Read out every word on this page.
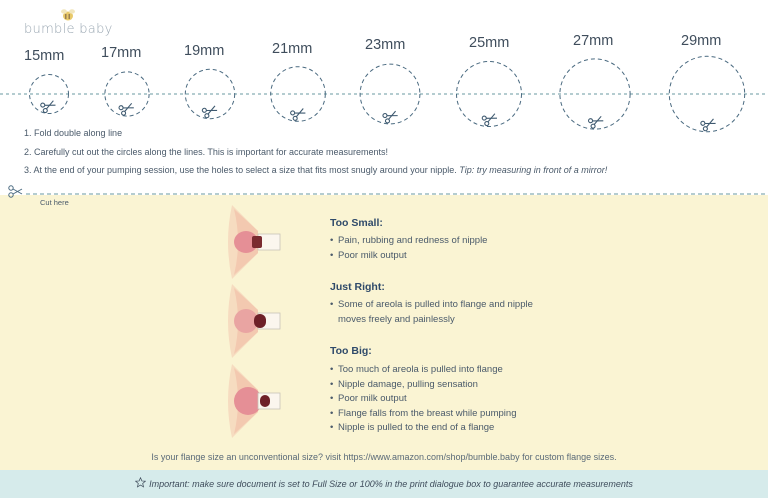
bumble baby
15mm	17mm	19mm	21mm	23mm	25mm	27mm	29mm
1. Fold double along line
2. Carefully cut out the circles along the lines. This is important for accurate measurements!
3. At the end of your pumping session, use the holes to select a size that fits most snugly around your nipple. Tip: try measuring in front of a mirror!
Cut here
Too Small:
• Pain, rubbing and redness of nipple
• Poor milk output
Just Right:
• Some of areola is pulled into flange and nipple
moves freely and painlessly
Too Big:
• Too much of areola is pulled into flange
• Nipple damage, pulling sensation
• Poor milk output
• Flange falls from the breast while pumping
• Nipple is pulled to the end of a flange
Is your flange size an unconventional size? visit https://www.amazon.com/shop/bumble.baby for custom flange sizes.
Important: make sure document is set to Full Size or 100% in the print dialogue box to guarantee accurate measurements
